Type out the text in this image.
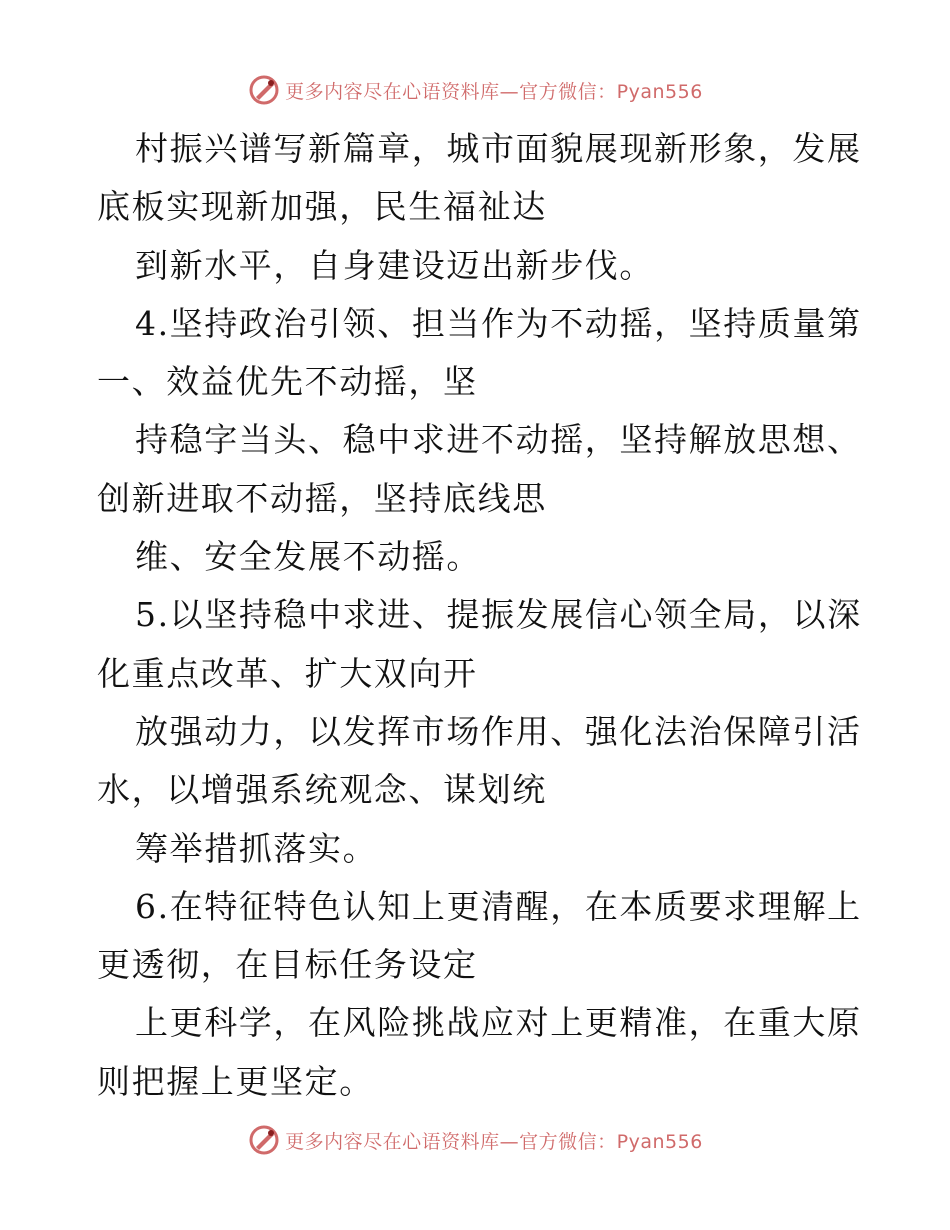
更多内容尽在心语资料库—官方微信：Pyan556
村振兴谱写新篇章，城市面貌展现新形象，发展
底板实现新加强，民生福祉达
到新水平，自身建设迈出新步伐。
4.坚持政治引领、担当作为不动摇，坚持质量第
一、效益优先不动摇，坚
持稳字当头、稳中求进不动摇，坚持解放思想、
创新进取不动摇，坚持底线思
维、安全发展不动摇。
5.以坚持稳中求进、提振发展信心领全局，以深
化重点改革、扩大双向开
放强动力，以发挥市场作用、强化法治保障引活
水，以增强系统观念、谋划统
筹举措抓落实。
6.在特征特色认知上更清醒，在本质要求理解上
更透彻，在目标任务设定
上更科学，在风险挑战应对上更精准，在重大原
则把握上更坚定。
更多内容尽在心语资料库—官方微信：Pyan556
